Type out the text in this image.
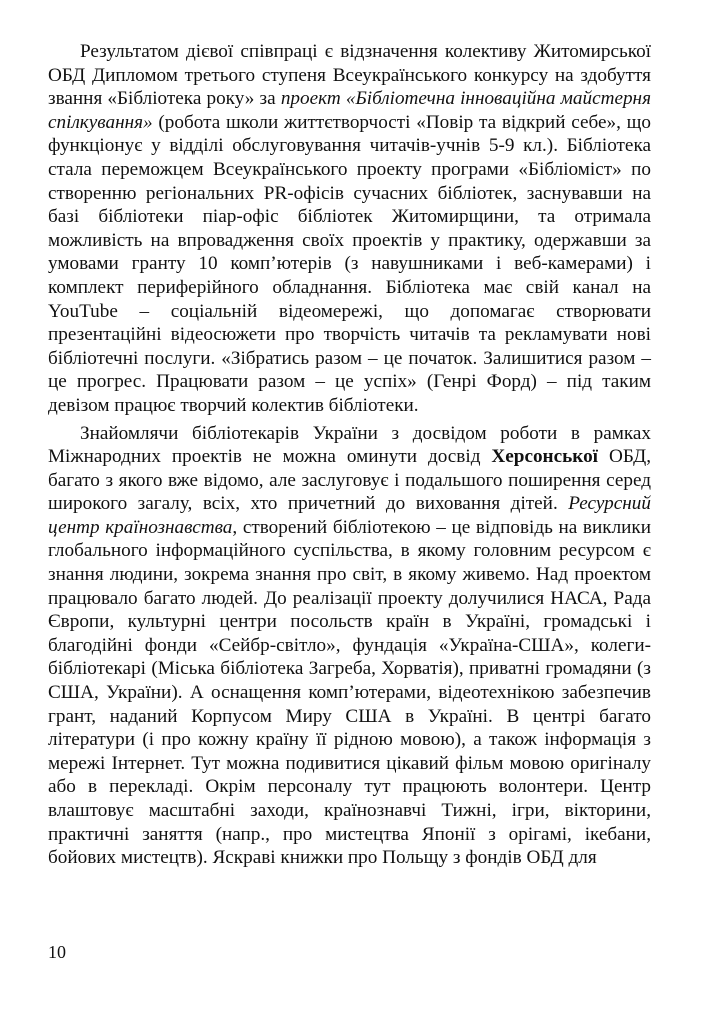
Результатом дієвої співпраці є відзначення колективу Житомирської ОБД Дипломом третього ступеня Всеукраїнського конкурсу на здобуття звання «Бібліотека року» за проект «Бібліотечна інноваційна майстерня спілкування» (робота школи життєтворчості «Повір та відкрий себе», що функціонує у відділі обслуговування читачів-учнів 5-9 кл.). Бібліотека стала переможцем Всеукраїнського проекту програми «Бібліоміст» по створенню регіональних PR-офісів сучасних бібліотек, заснувавши на базі бібліотеки піар-офіс бібліотек Житомирщини, та отримала можливість на впровадження своїх проектів у практику, одержавши за умовами гранту 10 комп’ютерів (з навушниками і веб-камерами) і комплект периферійного обладнання. Бібліотека має свій канал на YouTube – соціальній відеомережі, що допомагає створювати презентаційні відеосюжети про творчість читачів та рекламувати нові бібліотечні послуги. «Зібратись разом – це початок. Залишитися разом – це прогрес. Працювати разом – це успіх» (Генрі Форд) – під таким девізом працює творчий колектив бібліотеки.

Знайомлячи бібліотекарів України з досвідом роботи в рамках Міжнародних проектів не можна оминути досвід Херсонської ОБД, багато з якого вже відомо, але заслуговує і подальшого поширення серед широкого загалу, всіх, хто причетний до виховання дітей. Ресурсний центр країнознавства, створений бібліотекою – це відповідь на виклики глобального інформаційного суспільства, в якому головним ресурсом є знання людини, зокрема знання про світ, в якому живемо. Над проектом працювало багато людей. До реалізації проекту долучилися НАСА, Рада Європи, культурні центри посольств країн в Україні, громадські і благодійні фонди «Сейбр-світло», фундація «Україна-США», колеги-бібліотекарі (Міська бібліотека Загреба, Хорватія), приватні громадяни (з США, України). А оснащення комп’ютерами, відеотехнікою забезпечив грант, наданий Корпусом Миру США в Україні. В центрі багато літератури (і про кожну країну її рідною мовою), а також інформація з мережі Інтернет. Тут можна подивитися цікавий фільм мовою оригіналу або в перекладі. Окрім персоналу тут працюють волонтери. Центр влаштовує масштабні заходи, країнознавчі Тижні, ігри, вікторини, практичні заняття (напр., про мистецтва Японії з орігамі, ікебани, бойових мистецтв). Яскраві книжки про Польщу з фондів ОБД для

10
